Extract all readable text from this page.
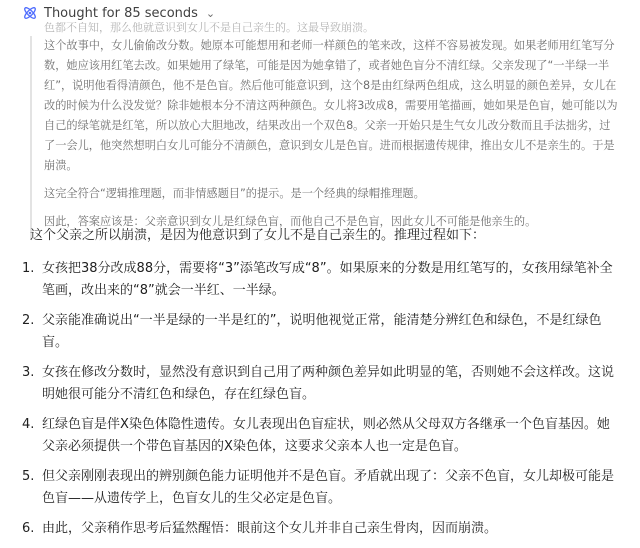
Thought for 85 seconds ⌄
色都不自知，那么他就意识到女儿不是自己亲生的。这最导致崩溃。

这个故事中，女儿偷偷改分数。她原本可能想用和老师一样颜色的笔来改，这样不容易被发现。如果老师用红笔写分数，她应该用红笔去改。如果她用了绿笔，可能是因为她拿错了，或者她色盲分不清红绿。父亲发现了“一半绿一半红”，说明他看得清颜色，他不是色盲。然后他可能意识到，这个8是由红绿两色组成，这么明显的颜色差异，女儿在改的时候为什么没发觉？除非她根本分不清这两种颜色。女儿将3改成8，需要用笔描画，她如果是色盲，她可能以为自己的绿笔就是红笔，所以放心大胆地改，结果改出一个双色8。父亲一开始只是生气女儿改分数而且手法拙劣，过了一会儿，他突然想明白女儿可能分不清颜色，意识到女儿是色盲。进而根据遗传规律，推出女儿不是亲生的。于是崩溃。

这完全符合“逻辑推理题，而非情感题目”的提示。是一个经典的绿帽推理题。

因此，答案应该是：父亲意识到女儿是红绿色盲，而他自己不是色盲，因此女儿不可能是他亲生的。

这个父亲之所以崩溃，是因为他意识到了女儿不是自己亲生的。推理过程如下：
1. 女孩把38分改成88分，需要将“3”添笔改写成“8”。如果原来的分数是用红笔写的，女孩用绿笔补全笔画，改出来的“8”就会一半红、一半绿。
2. 父亲能准确说出“一半是绿的一半是红的”，说明他视觉正常，能清楚分辨红色和绿色，不是红绿色盲。
3. 女孩在修改分数时，显然没有意识到自己用了两种颜色差异如此明显的笔，否则她不会这样改。这说明她很可能分不清红色和绿色，存在红绿色盲。
4. 红绿色盲是伴X染色体隐性遗传。女儿表现出色盲症状，则必然从父母双方各继承一个色盲基因。她父亲必须提供一个带色盲基因的X染色体，这要求父亲本人也一定是色盲。
5. 但父亲刚刚表现出的辨别颜色能力证明他并不是色盲。矛盾就出现了：父亲不色盲，女儿却极可能是色盲——从遗传学上，色盲女儿的生父必定是色盲。
6. 由此，父亲稍作思考后猛然醒悟：眼前这个女儿并非自己亲生骨肉，因而崩溃。
